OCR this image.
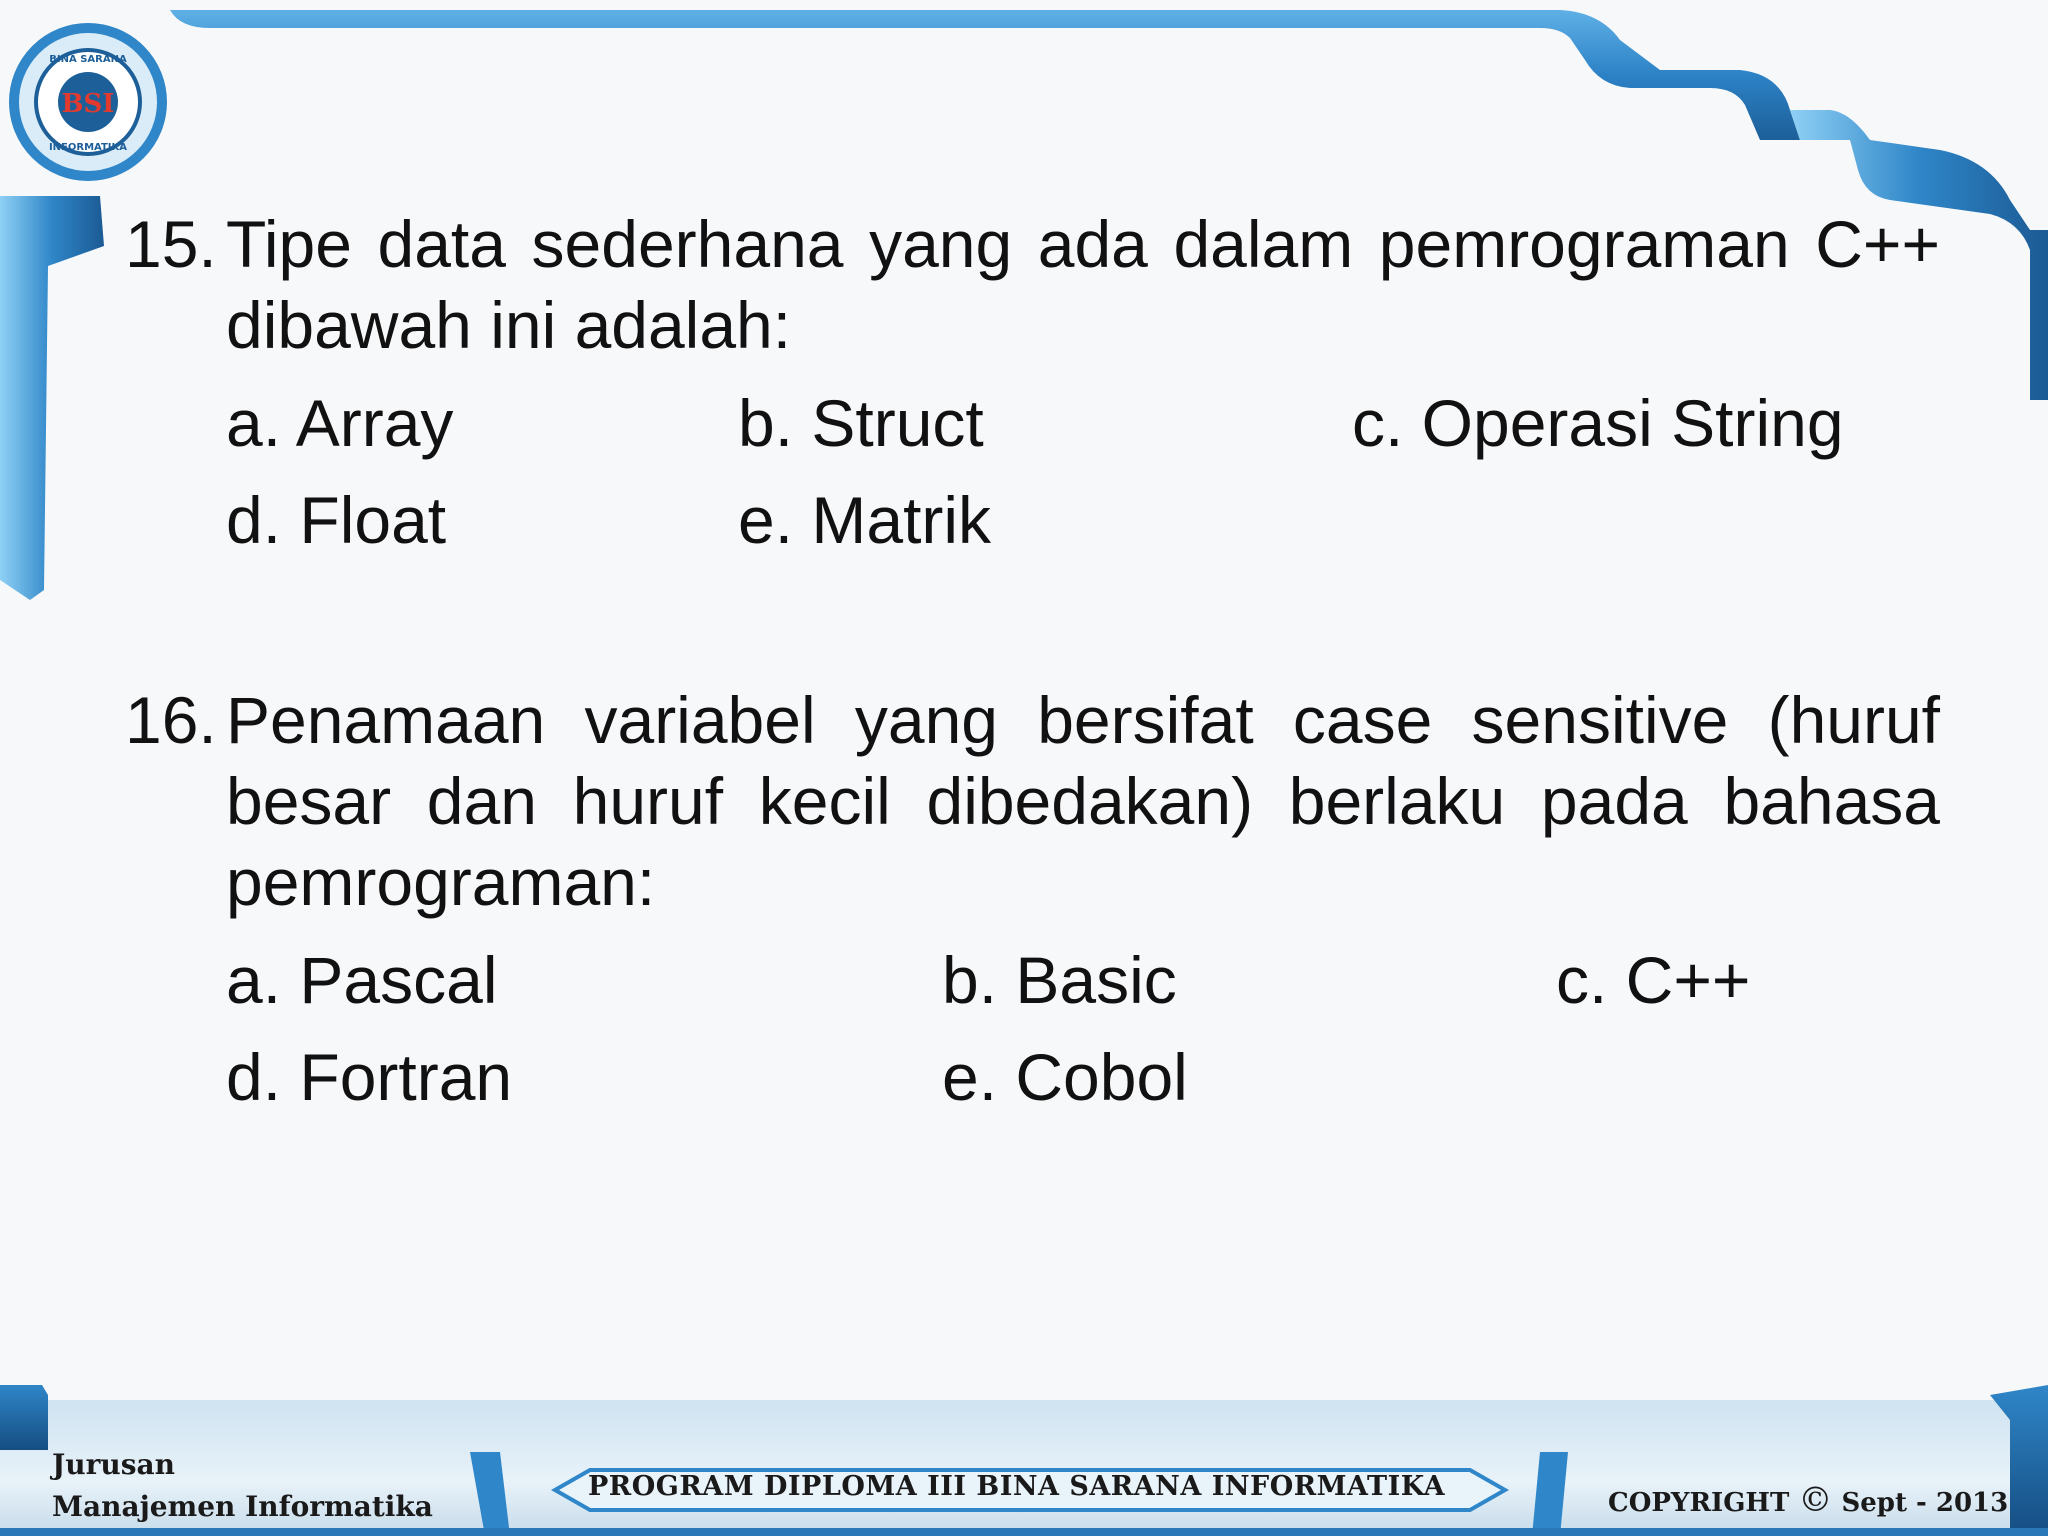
BSI
BINA SARANA
INFORMATIKA
15. Tipe data sederhana yang ada dalam pemrograman C++ dibawah ini adalah:
a. Array	b. Struct	c. Operasi String
d. Float	e. Matrik
16. Penamaan variabel yang bersifat case sensitive (huruf besar dan huruf kecil dibedakan) berlaku pada bahasa pemrograman:
a. Pascal	b. Basic	c. C++
d. Fortran	e. Cobol
Jurusan
Manajemen Informatika
PROGRAM DIPLOMA III BINA SARANA INFORMATIKA
COPYRIGHT © Sept - 2013
